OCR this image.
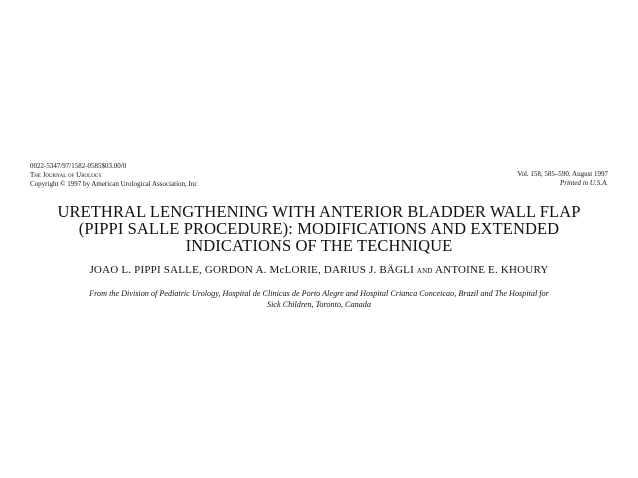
0022-5347/97/1582-0585$03.00/0
The Journal of Urology
Copyright © 1997 by American Urological Association, Inc
Vol. 158, 585–590, August 1997
Printed in U.S.A.
URETHRAL LENGTHENING WITH ANTERIOR BLADDER WALL FLAP
(PIPPI SALLE PROCEDURE): MODIFICATIONS AND EXTENDED
INDICATIONS OF THE TECHNIQUE
JOAO L. PIPPI SALLE, GORDON A. McLORIE, DARIUS J. BÄGLI and ANTOINE E. KHOURY
From the Division of Pediatric Urology, Hospital de Clinicas de Porto Alegre and Hospital Crianca Conceicao, Brazil and The Hospital for
Sick Children, Toronto, Canada
